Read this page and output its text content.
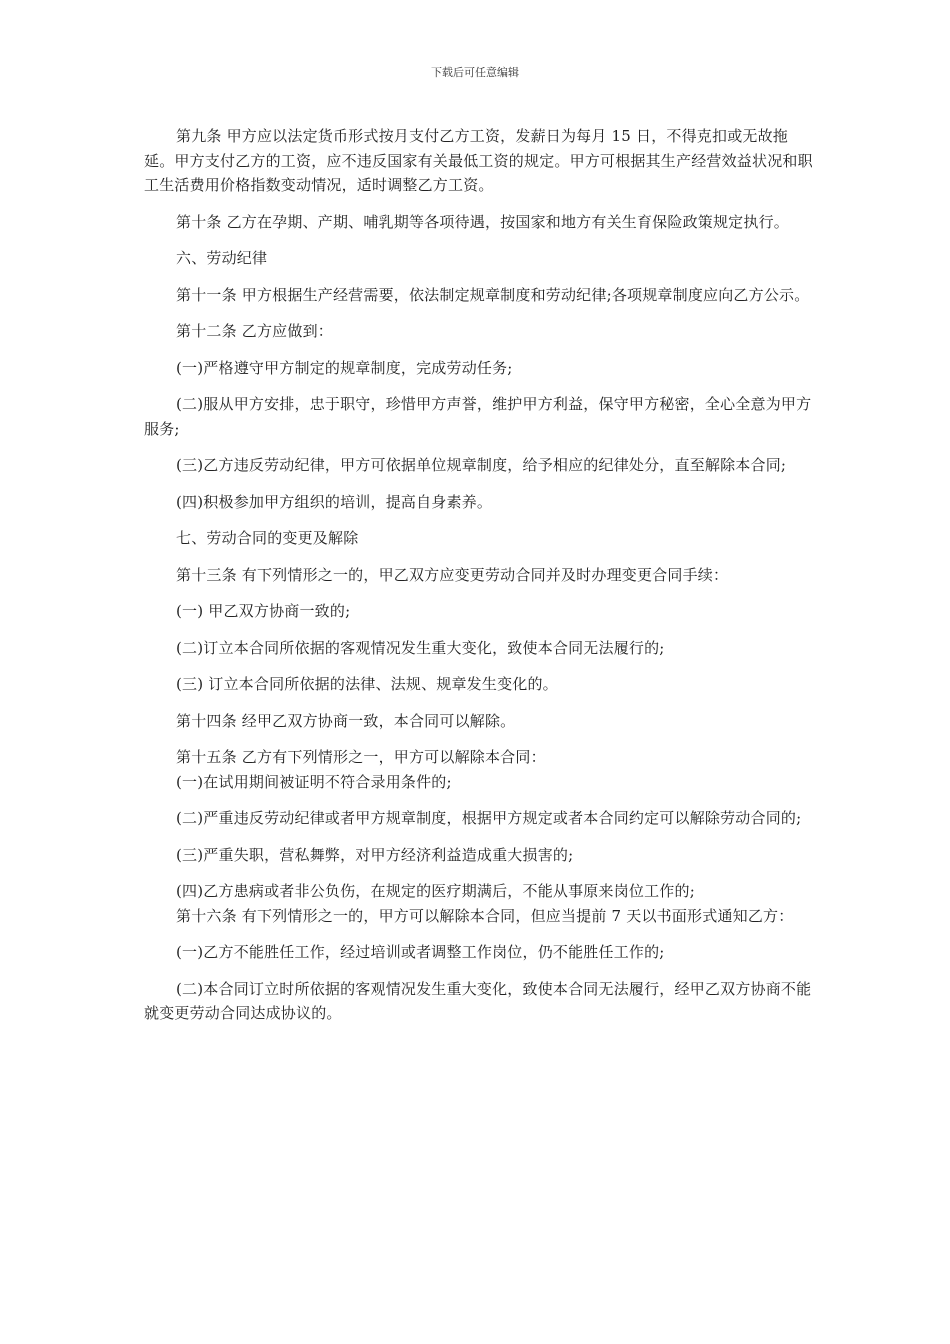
下载后可任意编辑

第九条 甲方应以法定货币形式按月支付乙方工资，发薪日为每月 15 日，不得克扣或无故拖延。甲方支付乙方的工资，应不违反国家有关最低工资的规定。甲方可根据其生产经营效益状况和职工生活费用价格指数变动情况，适时调整乙方工资。

第十条 乙方在孕期、产期、哺乳期等各项待遇，按国家和地方有关生育保险政策规定执行。

六、劳动纪律

第十一条 甲方根据生产经营需要，依法制定规章制度和劳动纪律;各项规章制度应向乙方公示。

第十二条 乙方应做到：

(一)严格遵守甲方制定的规章制度，完成劳动任务;

(二)服从甲方安排，忠于职守，珍惜甲方声誉，维护甲方利益，保守甲方秘密，全心全意为甲方服务;

(三)乙方违反劳动纪律，甲方可依据单位规章制度，给予相应的纪律处分，直至解除本合同;

(四)积极参加甲方组织的培训，提高自身素养。

七、劳动合同的变更及解除

第十三条 有下列情形之一的，甲乙双方应变更劳动合同并及时办理变更合同手续：

(一) 甲乙双方协商一致的;

(二)订立本合同所依据的客观情况发生重大变化，致使本合同无法履行的;

(三) 订立本合同所依据的法律、法规、规章发生变化的。

第十四条 经甲乙双方协商一致，本合同可以解除。

第十五条 乙方有下列情形之一，甲方可以解除本合同：

(一)在试用期间被证明不符合录用条件的;

(二)严重违反劳动纪律或者甲方规章制度，根据甲方规定或者本合同约定可以解除劳动合同的;

(三)严重失职，营私舞弊，对甲方经济利益造成重大损害的;

(四)乙方患病或者非公负伤，在规定的医疗期满后，不能从事原来岗位工作的;

第十六条 有下列情形之一的，甲方可以解除本合同，但应当提前 7 天以书面形式通知乙方：

(一)乙方不能胜任工作，经过培训或者调整工作岗位，仍不能胜任工作的;

(二)本合同订立时所依据的客观情况发生重大变化，致使本合同无法履行，经甲乙双方协商不能就变更劳动合同达成协议的。
